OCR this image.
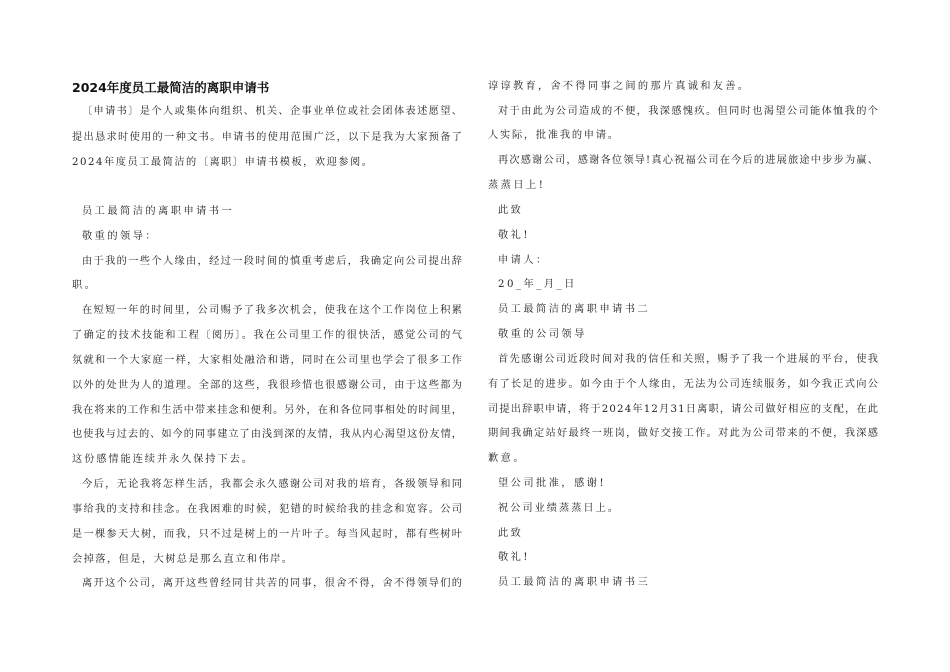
2024年度员工最简洁的离职申请书
〔申请书〕是个人或集体向组织、机关、企事业单位或社会团体表述愿望、
提出恳求时使用的一种文书。申请书的使用范围广泛，以下是我为大家预备了
2024年度员工最简洁的〔离职〕申请书模板，欢迎参阅。
员工最简洁的离职申请书一
敬重的领导：
由于我的一些个人缘由，经过一段时间的慎重考虑后，我确定向公司提出辞
职。
在短短一年的时间里，公司赐予了我多次机会，使我在这个工作岗位上积累
了确定的技术技能和工程〔阅历〕。我在公司里工作的很快活，感觉公司的气
氛就和一个大家庭一样，大家相处融洽和谐，同时在公司里也学会了很多工作
以外的处世为人的道理。全部的这些，我很珍惜也很感谢公司，由于这些都为
我在将来的工作和生活中带来挂念和便利。另外，在和各位同事相处的时间里，
也使我与过去的、如今的同事建立了由浅到深的友情，我从内心渴望这份友情，
这份感情能连续并永久保持下去。
今后，无论我将怎样生活，我都会永久感谢公司对我的培育，各级领导和同
事给我的支持和挂念。在我困难的时候，犯错的时候给我的挂念和宽容。公司
是一棵参天大树，而我，只不过是树上的一片叶子。每当风起时，都有些树叶
会掉落，但是，大树总是那么直立和伟岸。
离开这个公司，离开这些曾经同甘共苦的同事，很舍不得，舍不得领导们的
谆谆教育，舍不得同事之间的那片真诚和友善。
对于由此为公司造成的不便，我深感愧疚。但同时也渴望公司能体恤我的个
人实际，批准我的申请。
再次感谢公司，感谢各位领导!真心祝福公司在今后的进展旅途中步步为赢、
蒸蒸日上!
此致
敬礼!
申请人：
20_年_月_日
员工最简洁的离职申请书二
敬重的公司领导
首先感谢公司近段时间对我的信任和关照，赐予了我一个进展的平台，使我
有了长足的进步。如今由于个人缘由，无法为公司连续服务，如今我正式向公
司提出辞职申请，将于2024年12月31日离职，请公司做好相应的支配，在此
期间我确定站好最终一班岗，做好交接工作。对此为公司带来的不便，我深感
歉意。
望公司批准，感谢!
祝公司业绩蒸蒸日上。
此致
敬礼!
员工最简洁的离职申请书三
